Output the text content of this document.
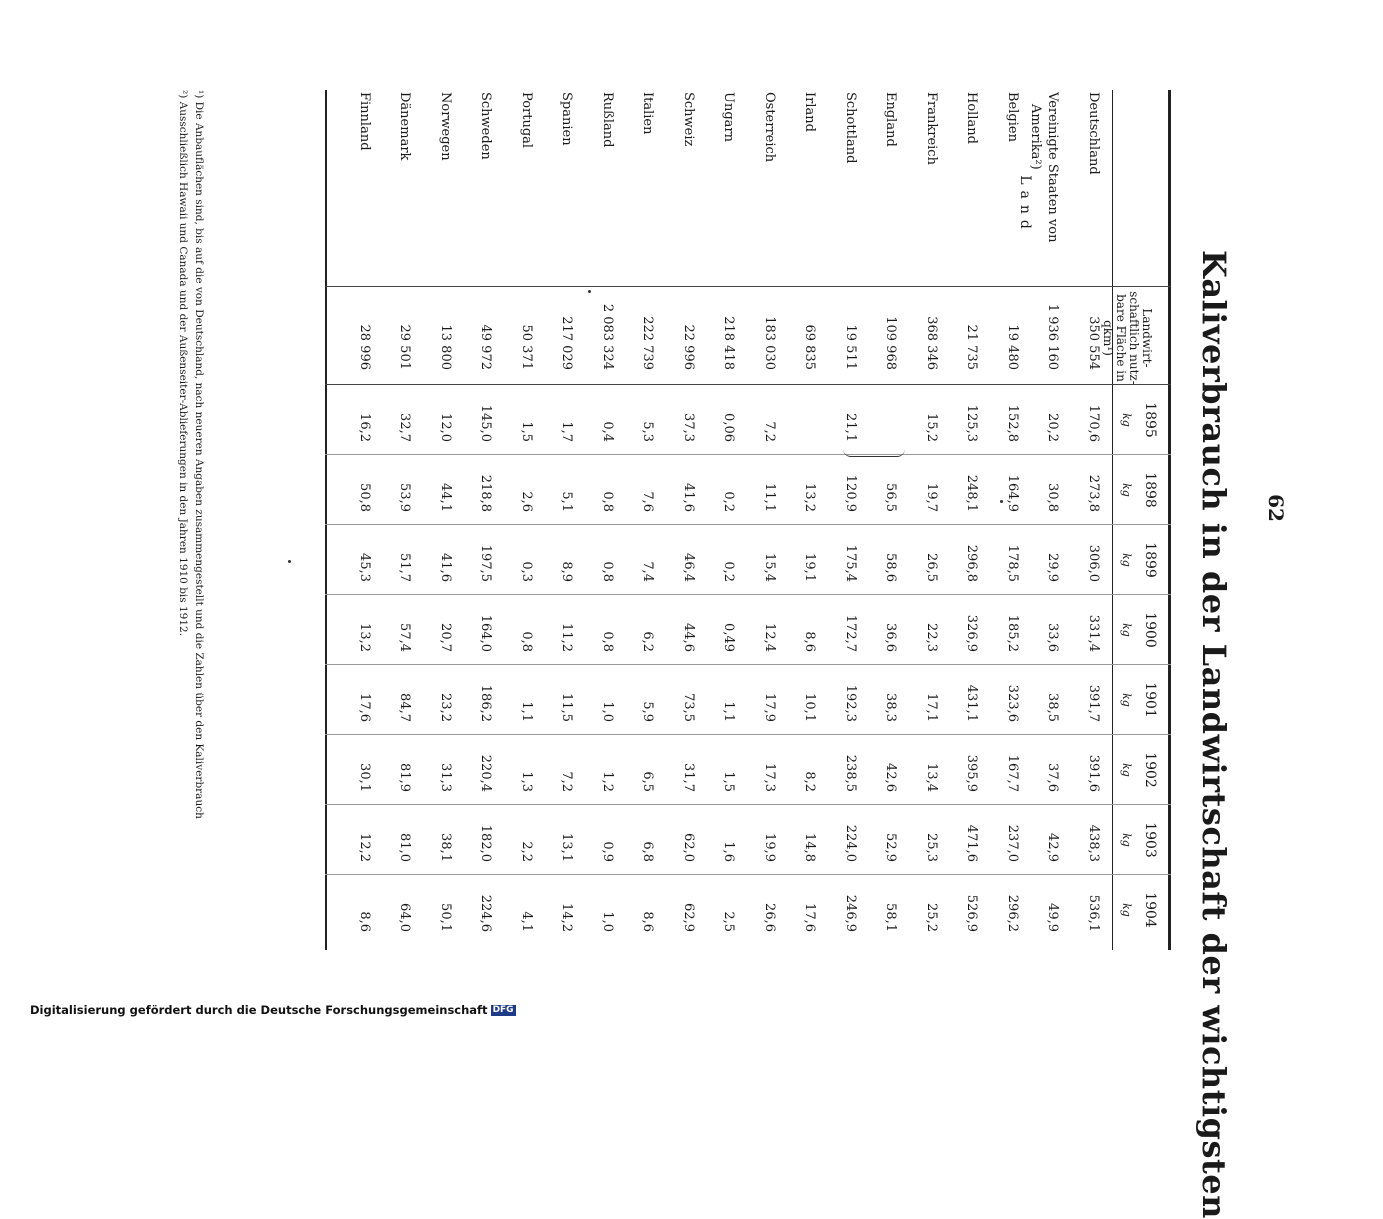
62
Kaliverbrauch in der Landwirtschaft der wichtigsten
Land
Landwirt-schaftlich nutz-bare Fläche in qkm¹)
1895
kg
1898
kg
1899
kg
1900
kg
1901
kg
1902
kg
1903
kg
1904
kg
Deutschland
350 554
170,6
273,8
306,0
331,4
391,7
391,6
438,3
536,1
Vereinigte Staaten von
Amerika²)
1 936 160
20,2
30,8
29,9
33,6
38,5
37,6
42,9
49,9
Belgien
19 480
152,8
164,9
178,5
185,2
323,6
167,7
237,0
296,2
Holland
21 735
125,3
248,1
296,8
326,9
431,1
395,9
471,6
526,9
Frankreich
368 346
15,2
19,7
26,5
22,3
17,1
13,4
25,3
25,2
England
109 968
56,5
58,6
36,6
38,3
42,6
52,9
58,1
Schottland
19 511
21,1
120,9
175,4
172,7
192,3
238,5
224,0
246,9
Irland
69 835
13,2
19,1
8,6
10,1
8,2
14,8
17,6
Österreich
183 030
7,2
11,1
15,4
12,4
17,9
17,3
19,9
26,6
Ungarn
218 418
0,06
0,2
0,2
0,49
1,1
1,5
1,6
2,5
Schweiz
22 996
37,3
41,6
46,4
44,6
73,5
31,7
62,0
62,9
Italien
222 739
5,3
7,6
7,4
6,2
5,9
6,5
6,8
8,6
Rußland
2 083 324
0,4
0,8
0,8
0,8
1,0
1,2
0,9
1,0
Spanien
217 029
1,7
5,1
8,9
11,2
11,5
7,2
13,1
14,2
Portugal
50 371
1,5
2,6
0,3
0,8
1,1
1,3
2,2
4,1
Schweden
49 972
145,0
218,8
197,5
164,0
186,2
220,4
182,0
224,6
Norwegen
13 800
12,0
44,1
41,6
20,7
23,2
31,3
38,1
50,1
Dänemark
29 501
32,7
53,9
51,7
57,4
84,7
81,9
81,0
64,0
Finnland
28 996
16,2
50,8
45,3
13,2
17,6
30,1
12,2
8,6
¹) Die Anbauflächen sind, bis auf die von Deutschland, nach neueren Angaben zusammengestellt und die Zahlen über den Kaliverbrauch
²) Ausschließlich Hawaii und Canada und der Außenseiter-Ablieferungen in den Jahren 1910 bis 1912.
Digitalisierung gefördert durch die Deutsche Forschungsgemeinschaft DFG
